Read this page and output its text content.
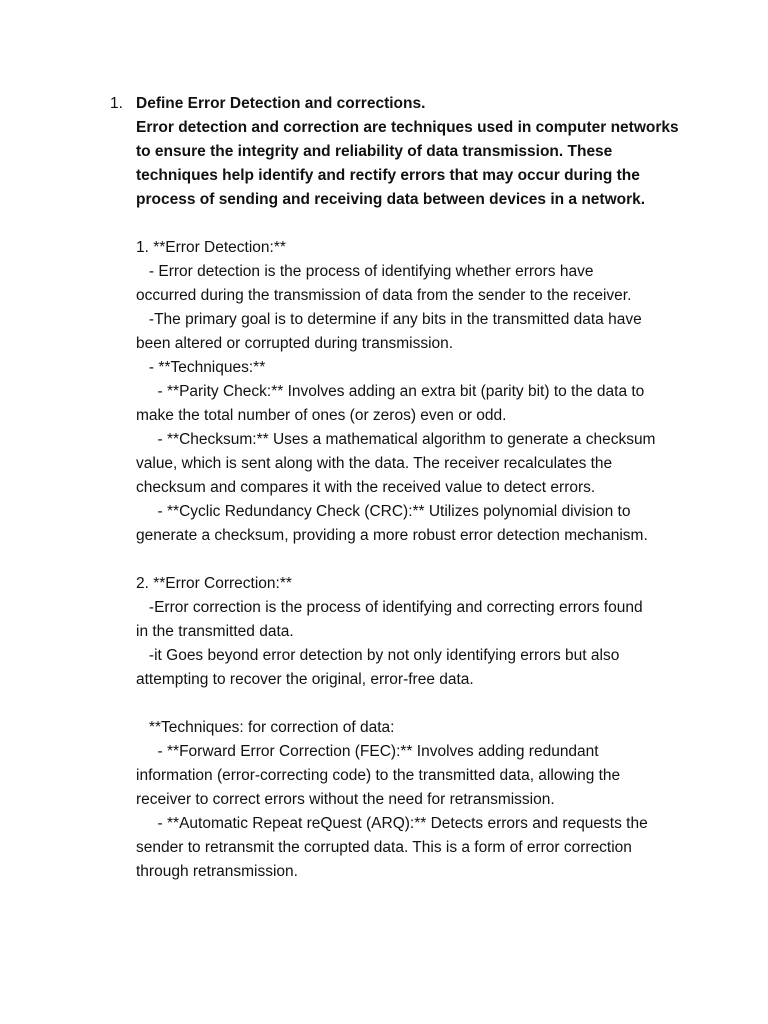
1. Define Error Detection and corrections.
Error detection and correction are techniques used in computer networks
to ensure the integrity and reliability of data transmission. These
techniques help identify and rectify errors that may occur during the
process of sending and receiving data between devices in a network.
1. **Error Detection:**
- Error detection is the process of identifying whether errors have
occurred during the transmission of data from the sender to the receiver.
-The primary goal is to determine if any bits in the transmitted data have
been altered or corrupted during transmission.
- **Techniques:**
- **Parity Check:** Involves adding an extra bit (parity bit) to the data to
make the total number of ones (or zeros) even or odd.
- **Checksum:** Uses a mathematical algorithm to generate a checksum
value, which is sent along with the data. The receiver recalculates the
checksum and compares it with the received value to detect errors.
- **Cyclic Redundancy Check (CRC):** Utilizes polynomial division to
generate a checksum, providing a more robust error detection mechanism.
2. **Error Correction:**
-Error correction is the process of identifying and correcting errors found
in the transmitted data.
-it Goes beyond error detection by not only identifying errors but also
attempting to recover the original, error-free data.
**Techniques: for correction of data:
- **Forward Error Correction (FEC):** Involves adding redundant
information (error-correcting code) to the transmitted data, allowing the
receiver to correct errors without the need for retransmission.
- **Automatic Repeat reQuest (ARQ):** Detects errors and requests the
sender to retransmit the corrupted data. This is a form of error correction
through retransmission.
